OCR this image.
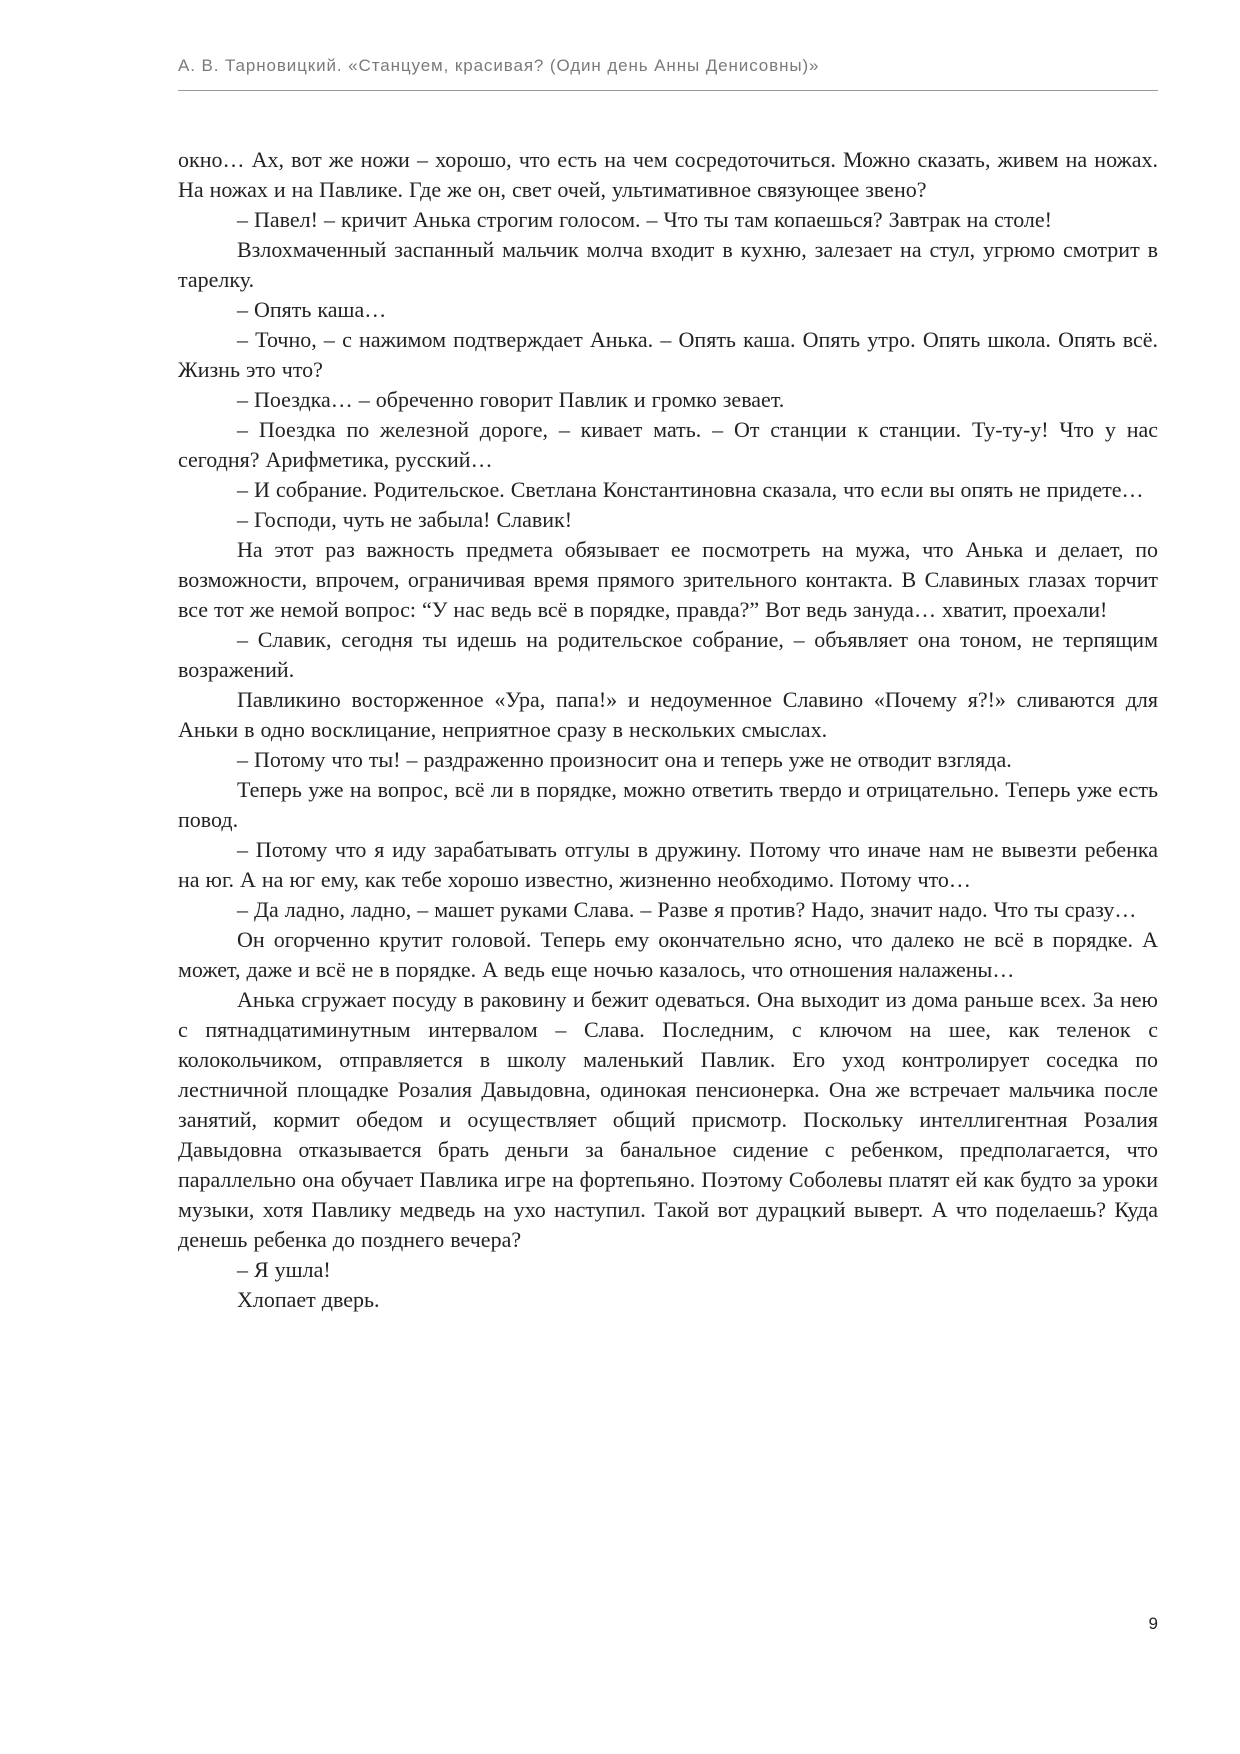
А. В. Тарновицкий. «Станцуем, красивая? (Один день Анны Денисовны)»

окно… Ах, вот же ножи – хорошо, что есть на чем сосредоточиться. Можно сказать, живем на ножах. На ножах и на Павлике. Где же он, свет очей, ультимативное связующее звено?

– Павел! – кричит Анька строгим голосом. – Что ты там копаешься? Завтрак на столе!

Взлохмаченный заспанный мальчик молча входит в кухню, залезает на стул, угрюмо смотрит в тарелку.

– Опять каша…

– Точно, – с нажимом подтверждает Анька. – Опять каша. Опять утро. Опять школа. Опять всё. Жизнь это что?

– Поездка… – обреченно говорит Павлик и громко зевает.

– Поездка по железной дороге, – кивает мать. – От станции к станции. Ту-ту-у! Что у нас сегодня? Арифметика, русский…

– И собрание. Родительское. Светлана Константиновна сказала, что если вы опять не придете…

– Господи, чуть не забыла! Славик!

На этот раз важность предмета обязывает ее посмотреть на мужа, что Анька и делает, по возможности, впрочем, ограничивая время прямого зрительного контакта. В Славиных глазах торчит все тот же немой вопрос: “У нас ведь всё в порядке, правда?” Вот ведь зануда… хватит, проехали!

– Славик, сегодня ты идешь на родительское собрание, – объявляет она тоном, не терпящим возражений.

Павликино восторженное «Ура, папа!» и недоуменное Славино «Почему я?!» сливаются для Аньки в одно восклицание, неприятное сразу в нескольких смыслах.

– Потому что ты! – раздраженно произносит она и теперь уже не отводит взгляда.

Теперь уже на вопрос, всё ли в порядке, можно ответить твердо и отрицательно. Теперь уже есть повод.

– Потому что я иду зарабатывать отгулы в дружину. Потому что иначе нам не вывезти ребенка на юг. А на юг ему, как тебе хорошо известно, жизненно необходимо. Потому что…

– Да ладно, ладно, – машет руками Слава. – Разве я против? Надо, значит надо. Что ты сразу…

Он огорченно крутит головой. Теперь ему окончательно ясно, что далеко не всё в порядке. А может, даже и всё не в порядке. А ведь еще ночью казалось, что отношения налажены…

Анька сгружает посуду в раковину и бежит одеваться. Она выходит из дома раньше всех. За нею с пятнадцатиминутным интервалом – Слава. Последним, с ключом на шее, как теленок с колокольчиком, отправляется в школу маленький Павлик. Его уход контролирует соседка по лестничной площадке Розалия Давыдовна, одинокая пенсионерка. Она же встречает мальчика после занятий, кормит обедом и осуществляет общий присмотр. Поскольку интеллигентная Розалия Давыдовна отказывается брать деньги за банальное сидение с ребенком, предполагается, что параллельно она обучает Павлика игре на фортепьяно. Поэтому Соболевы платят ей как будто за уроки музыки, хотя Павлику медведь на ухо наступил. Такой вот дурацкий выверт. А что поделаешь? Куда денешь ребенка до позднего вечера?

– Я ушла!

Хлопает дверь.

9
